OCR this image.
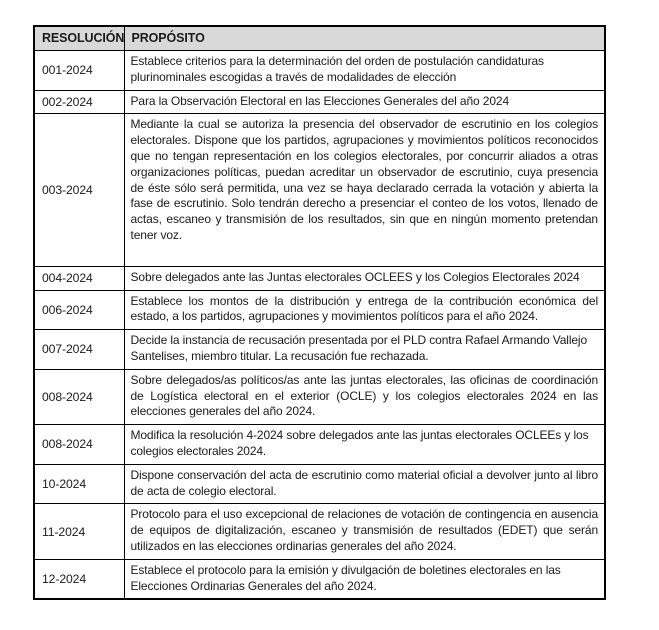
RESOLUCIÓN	PROPÓSITO
001-2024	Establece criterios para la determinación del orden de postulación candidaturas plurinominales escogidas a través de modalidades de elección
002-2024	Para la Observación Electoral en las Elecciones Generales del año 2024
003-2024	Mediante la cual se autoriza la presencia del observador de escrutinio en los colegios electorales. Dispone que los partidos, agrupaciones y movimientos políticos reconocidos que no tengan representación en los colegios electorales, por concurrir aliados a otras organizaciones políticas, puedan acreditar un observador de escrutinio, cuya presencia de éste sólo será permitida, una vez se haya declarado cerrada la votación y abierta la fase de escrutinio. Solo tendrán derecho a presenciar el conteo de los votos, llenado de actas, escaneo y transmisión de los resultados, sin que en ningún momento pretendan tener voz.
004-2024	Sobre delegados ante las Juntas electorales OCLEES y los Colegios Electorales 2024
006-2024	Establece los montos de la distribución y entrega de la contribución económica del estado, a los partidos, agrupaciones y movimientos políticos para el año 2024.
007-2024	Decide la instancia de recusación presentada por el PLD contra Rafael Armando Vallejo Santelises, miembro titular. La recusación fue rechazada.
008-2024	Sobre delegados/as políticos/as ante las juntas electorales, las oficinas de coordinación de Logística electoral en el exterior (OCLE) y los colegios electorales 2024 en las elecciones generales del año 2024.
008-2024	Modifica la resolución 4-2024 sobre delegados ante las juntas electorales OCLEEs y los colegios electorales 2024.
10-2024	Dispone conservación del acta de escrutinio como material oficial a devolver junto al libro de acta de colegio electoral.
11-2024	Protocolo para el uso excepcional de relaciones de votación de contingencia en ausencia de equipos de digitalización, escaneo y transmisión de resultados (EDET) que serán utilizados en las elecciones ordinarias generales del año 2024.
12-2024	Establece el protocolo para la emisión y divulgación de boletines electorales en las Elecciones Ordinarias Generales del año 2024.
